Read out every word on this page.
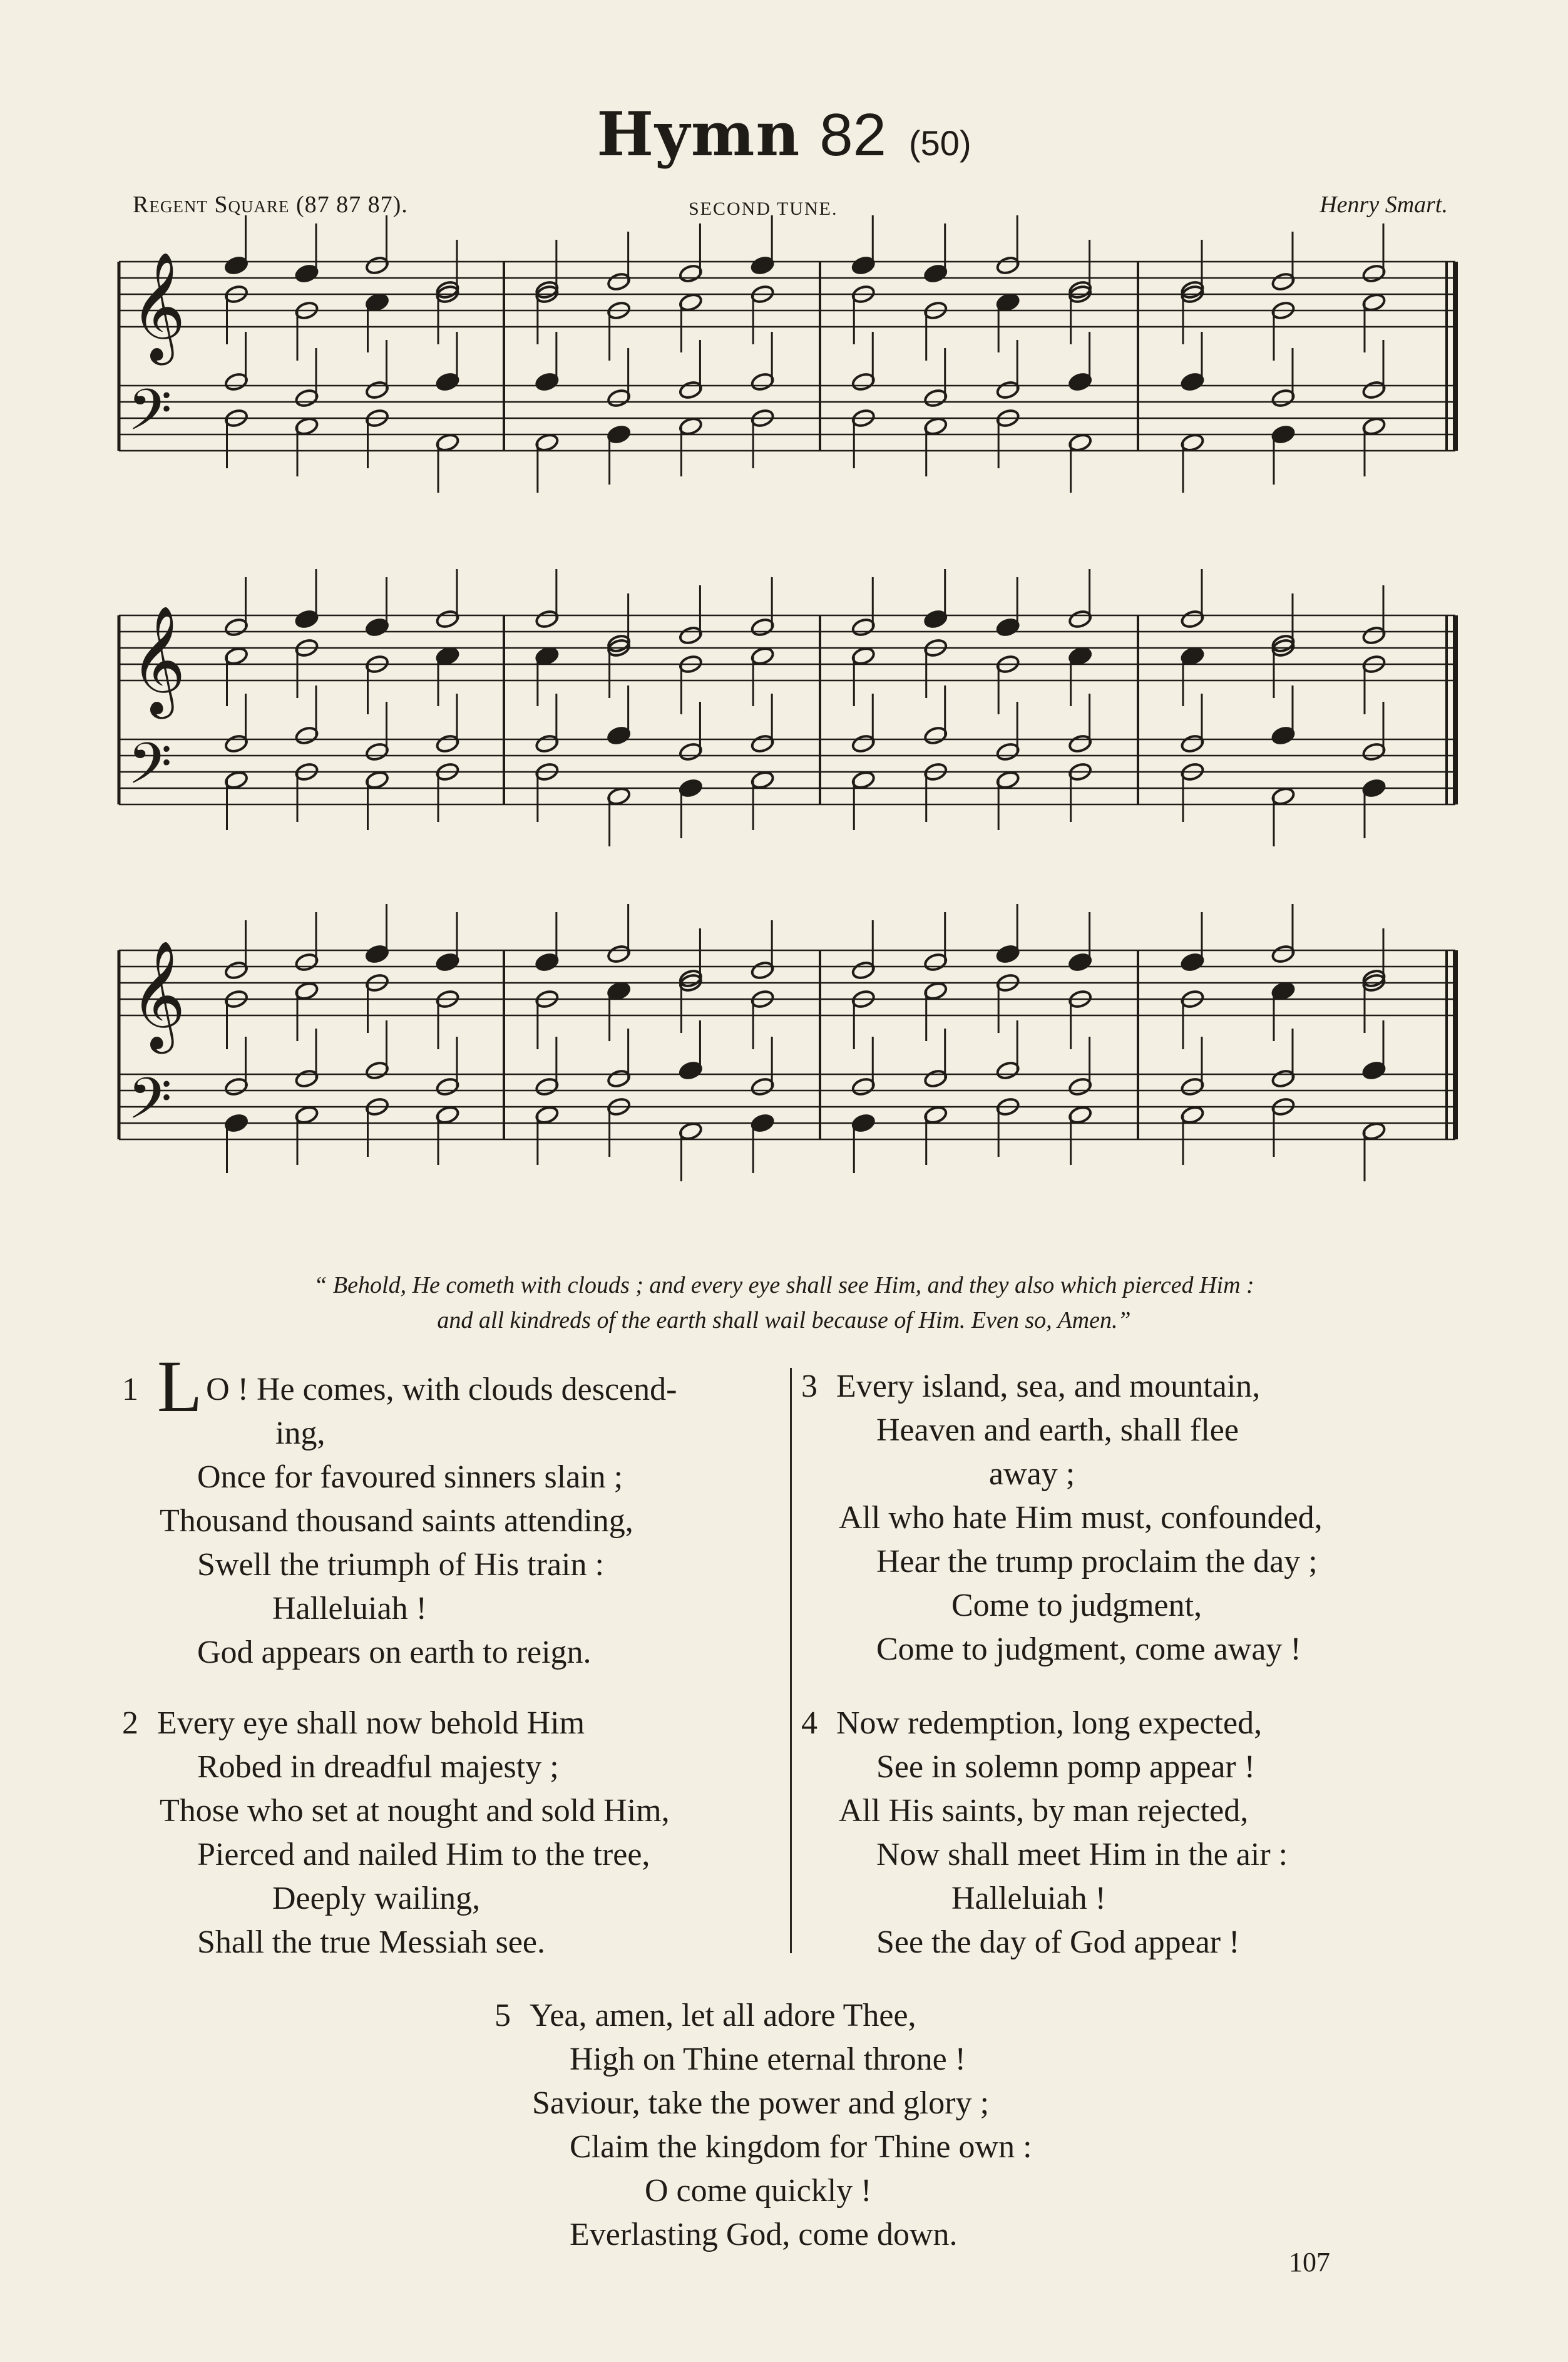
Hymn 82 (50)
Regent Square (87 87 87).	SECOND TUNE.	Henry Smart.
𝄞
𝄢
𝄞
𝄢
𝄞
𝄢
“ Behold, He cometh with clouds ; and every eye shall see Him, and they also which pierced Him :
and all kindreds of the earth shall wail because of Him. Even so, Amen.”
1 L O ! He comes, with clouds descend-
ing,
Once for favoured sinners slain ;
Thousand thousand saints attending,
Swell the triumph of His train :
Halleluiah !
God appears on earth to reign.
2 Every eye shall now behold Him
Robed in dreadful majesty ;
Those who set at nought and sold Him,
Pierced and nailed Him to the tree,
Deeply wailing,
Shall the true Messiah see.
3 Every island, sea, and mountain,
Heaven and earth, shall flee
away ;
All who hate Him must, confounded,
Hear the trump proclaim the day ;
Come to judgment,
Come to judgment, come away !
4 Now redemption, long expected,
See in solemn pomp appear !
All His saints, by man rejected,
Now shall meet Him in the air :
Halleluiah !
See the day of God appear !
5 Yea, amen, let all adore Thee,
High on Thine eternal throne !
Saviour, take the power and glory ;
Claim the kingdom for Thine own :
O come quickly !
Everlasting God, come down.
107
